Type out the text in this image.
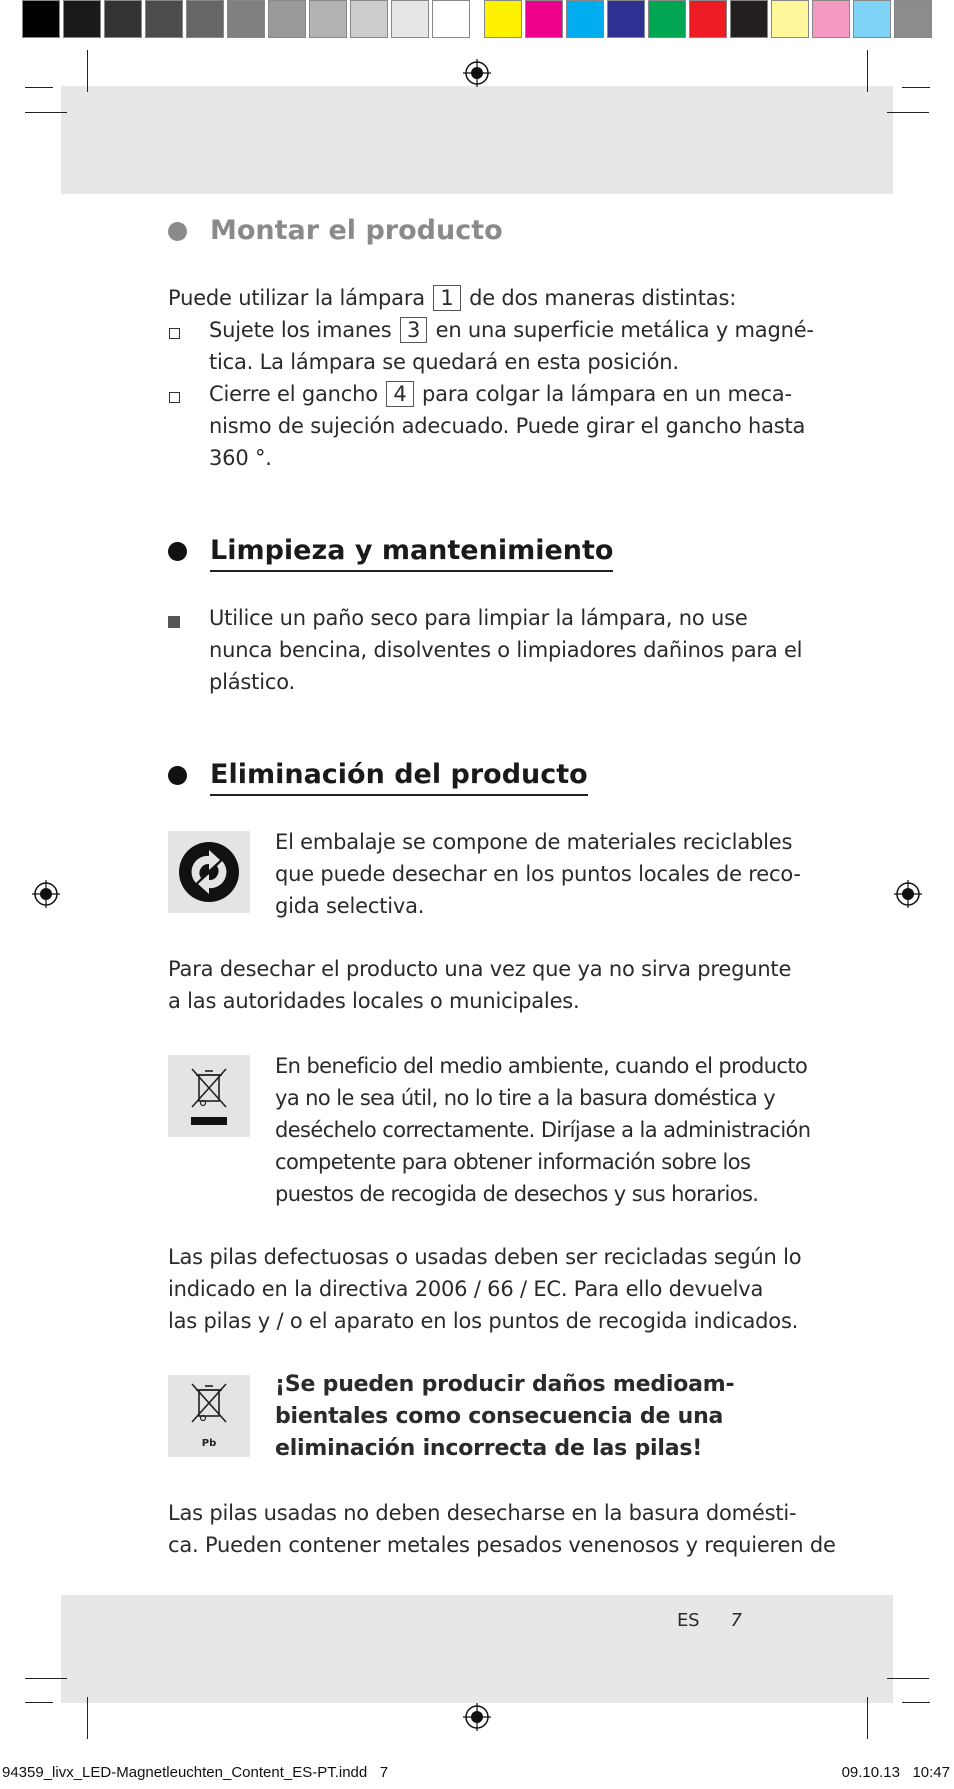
Montar el producto
Puede utilizar la lámpara 1 de dos maneras distintas:
Sujete los imanes 3 en una superficie metálica y magné-
tica. La lámpara se quedará en esta posición.
Cierre el gancho 4 para colgar la lámpara en un meca-
nismo de sujeción adecuado. Puede girar el gancho hasta
360 °.
Limpieza y mantenimiento
Utilice un paño seco para limpiar la lámpara, no use
nunca bencina, disolventes o limpiadores dañinos para el
plástico.
Eliminación del producto
El embalaje se compone de materiales reciclables
que puede desechar en los puntos locales de reco-
gida selectiva.
Para desechar el producto una vez que ya no sirva pregunte
a las autoridades locales o municipales.
En beneficio del medio ambiente, cuando el producto
ya no le sea útil, no lo tire a la basura doméstica y
deséchelo correctamente. Diríjase a la administración
competente para obtener información sobre los
puestos de recogida de desechos y sus horarios.
Las pilas defectuosas o usadas deben ser recicladas según lo
indicado en la directiva 2006 / 66 / EC. Para ello devuelva
las pilas y / o el aparato en los puntos de recogida indicados.
Pb
¡Se pueden producir daños medioam-
bientales como consecuencia de una
eliminación incorrecta de las pilas!
Las pilas usadas no deben desecharse en la basura domésti-
ca. Pueden contener metales pesados venenosos y requieren de
ES 7
94359_livx_LED-Magnetleuchten_Content_ES-PT.indd   7	09.10.13   10:47
